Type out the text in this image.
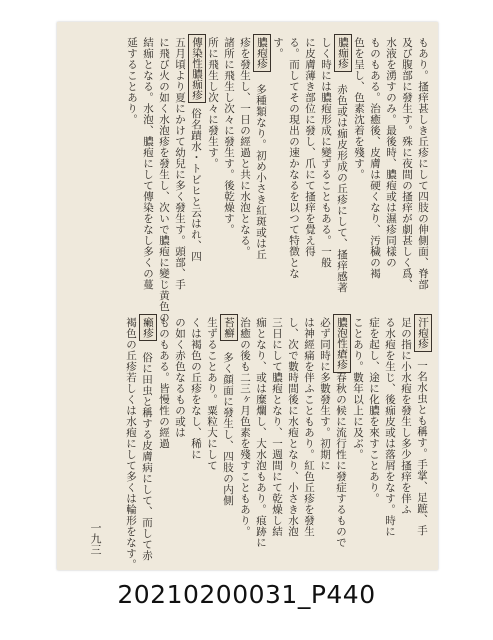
もあり。搔痒甚しき丘疹にして四肢の伸側面、脊部
及び腹部に發生す。殊に夜間の搔痒が劇甚しく爲、
水液を湧すのみ。最後時、膿疱或は濕疹同樣の
ものもある。治癒後、皮膚は硬くなり、汚穢の褐
色を呈し、色素沈着を殘す。
膿痂疹
赤色或は痂皮形成の丘疹にして、搔痒感著
しく時には膿疱形成に變ずることもある。一般
に皮膚薄き部位に發し、爪にて搔痒を覺え得
る。而してその現出の速かなるを以つて特徴とな
す。
膿疱疹
多種類なり。初め小さき紅斑或は丘
疹を發生し、一日の經過と共に水泡となる。
諸所に飛生し次々に發生す。後乾燥す。
所に飛生し次々に發生す。
傳染性膿痂疹
俗名蹟水・トビヒと云はれ、四
五月頃より夏にかけて幼兒に多く發生す。頭部、手
に飛び火の如く水泡疹を發生し、次いで膿疱に變じ黄色の
結痂となる。水泡、膿疱にして傳染をなし多くの蔓
延することあり。
汗疱疹
一名水虫とも稱す。手掌、足蹠、手
足の指に小水疱を發生し多少搔痒を伴ふ
る水疱を生じ、後痂皮或は落屑をなす。時に
症を起し、途に化膿を來すことあり。
ことあり。數年以上に及ぶ。
膿泡性瘡疹
春秋の候に流行性に發症するもので
必ず同時に多數發生す。初期に
は神經痛を伴ふこともあり。紅色丘疹を發生
し、次で數時間後に水疱となり、小さき水泡
三日にして膿疱となり、一週間にて乾燥し結
痂となり、或は糜爛し、大水泡もあり。痕跡に
治癒の後も二三ヶ月色素を殘すこともあり。
苔癬
多く顔面に發生し、四肢の内側
生ずることあり。粟粒大にして
くは褐色の丘疹をなし、稀に
の如く赤色なるもの或は
ものもある。皆慢性の經過
癩疹
俗に田虫と稱する皮膚病にして、而して赤
褐色の丘疹若しくは水疱にして多くは輪形をなす。
一九三
20210200031_P440
